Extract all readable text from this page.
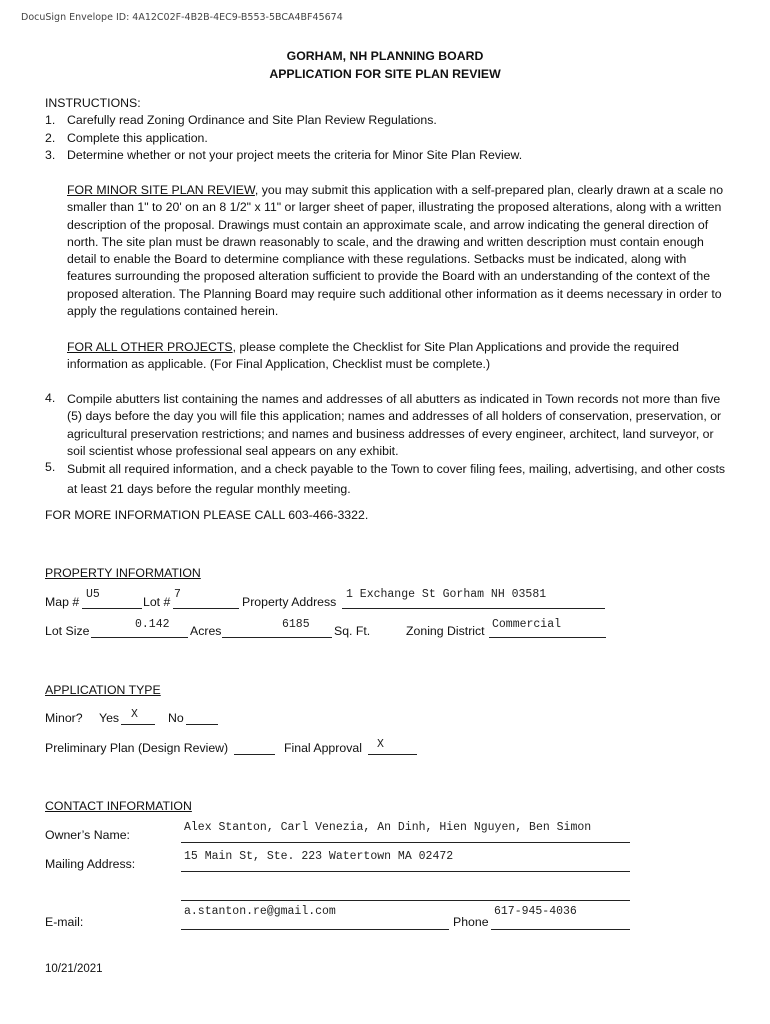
DocuSign Envelope ID: 4A12C02F-4B2B-4EC9-B553-5BCA4BF45674
GORHAM, NH PLANNING BOARD
APPLICATION FOR SITE PLAN REVIEW
INSTRUCTIONS:
1. Carefully read Zoning Ordinance and Site Plan Review Regulations.
2. Complete this application.
3. Determine whether or not your project meets the criteria for Minor Site Plan Review.
FOR MINOR SITE PLAN REVIEW, you may submit this application with a self-prepared plan, clearly drawn at a scale no smaller than 1" to 20' on an 8 1/2" x 11" or larger sheet of paper, illustrating the proposed alterations, along with a written description of the proposal. Drawings must contain an approximate scale, and arrow indicating the general direction of north. The site plan must be drawn reasonably to scale, and the drawing and written description must contain enough detail to enable the Board to determine compliance with these regulations. Setbacks must be indicated, along with features surrounding the proposed alteration sufficient to provide the Board with an understanding of the context of the proposed alteration. The Planning Board may require such additional other information as it deems necessary in order to apply the regulations contained herein.
FOR ALL OTHER PROJECTS, please complete the Checklist for Site Plan Applications and provide the required information as applicable. (For Final Application, Checklist must be complete.)
4. Compile abutters list containing the names and addresses of all abutters as indicated in Town records not more than five (5) days before the day you will file this application; names and addresses of all holders of conservation, preservation, or agricultural preservation restrictions; and names and business addresses of every engineer, architect, land surveyor, or soil scientist whose professional seal appears on any exhibit.
5. Submit all required information, and a check payable to the Town to cover filing fees, mailing, advertising, and other costs at least 21 days before the regular monthly meeting.
FOR MORE INFORMATION PLEASE CALL 603-466-3322.
PROPERTY INFORMATION
Map #
U5
Lot #
7
Property Address
1 Exchange St Gorham NH 03581
Lot Size	0.142 Acres	6185 Sq. Ft.	Zoning District Commercial
APPLICATION TYPE
Minor? Yes X No
Preliminary Plan (Design Review)	Final Approval X
CONTACT INFORMATION
Owner’s Name:
Alex Stanton, Carl Venezia, An Dinh, Hien Nguyen, Ben Simon
Mailing Address:
15 Main St, Ste. 223 Watertown MA 02472
E-mail:
a.stanton.re@gmail.com
Phone
617-945-4036
10/21/2021
